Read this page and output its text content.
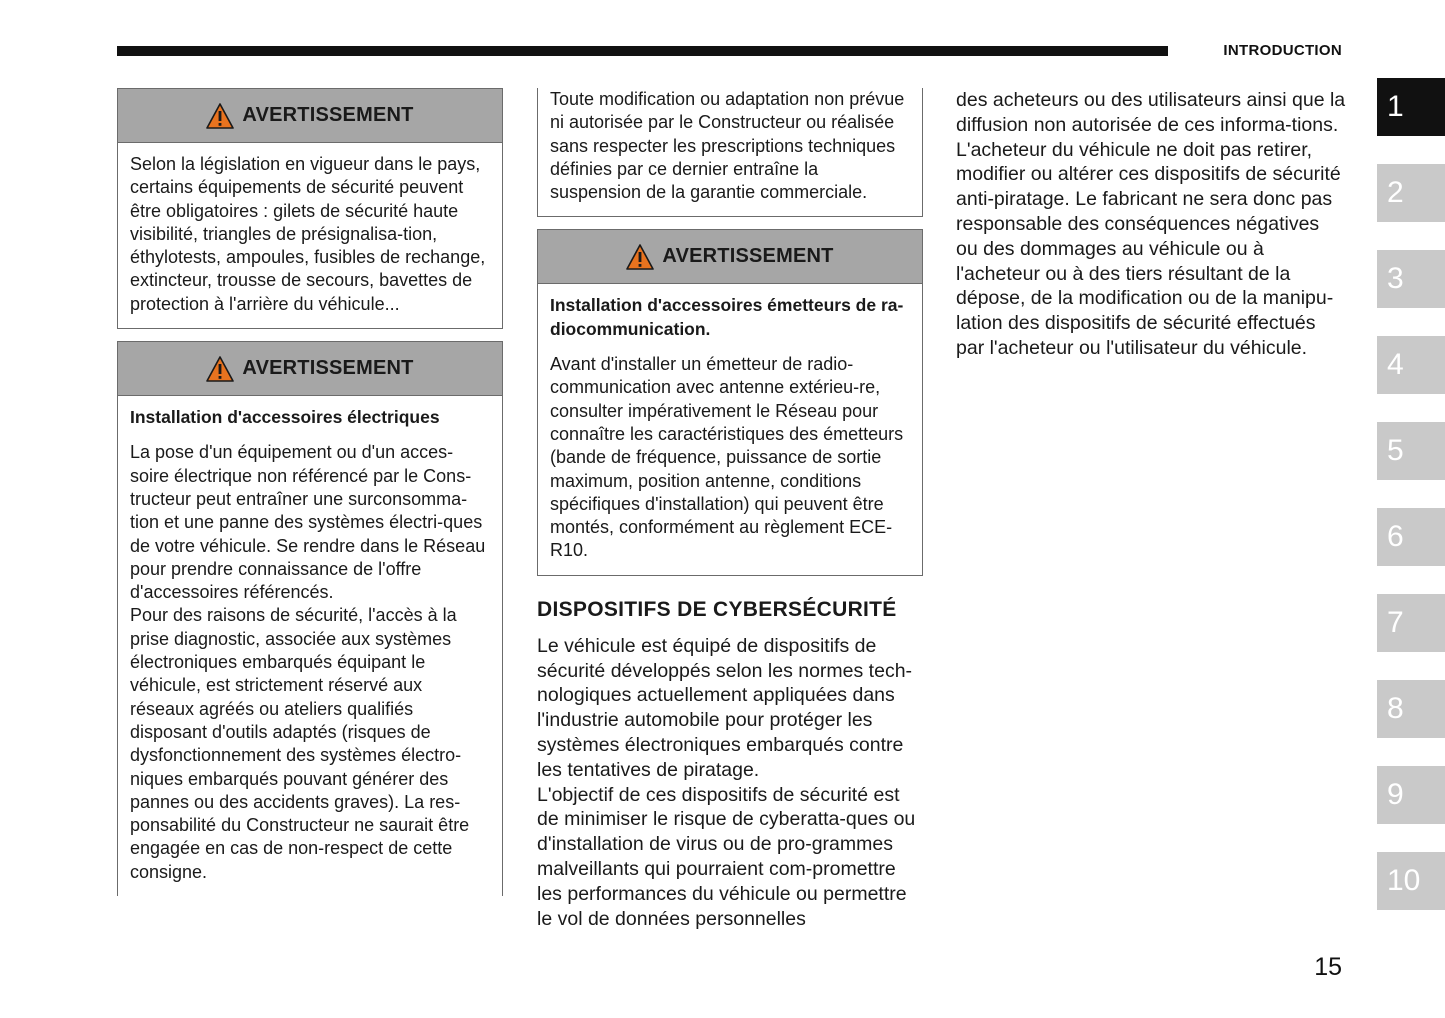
INTRODUCTION
1
2
3
4
5
6
7
8
9
10
AVERTISSEMENT

Selon la législation en vigueur dans le pays, certains équipements de sécurité peuvent être obligatoires : gilets de sécurité haute visibilité, triangles de présignalisa-tion, éthylotests, ampoules, fusibles de rechange, extincteur, trousse de secours, bavettes de protection à l'arrière du véhicule...

AVERTISSEMENT

Installation d'accessoires électriques

La pose d'un équipement ou d'un acces-soire électrique non référencé par le Cons-tructeur peut entraîner une surconsomma-tion et une panne des systèmes électri-ques de votre véhicule. Se rendre dans le Réseau pour prendre connaissance de l'offre d'accessoires référencés.

Pour des raisons de sécurité, l'accès à la prise diagnostic, associée aux systèmes électroniques embarqués équipant le véhicule, est strictement réservé aux réseaux agréés ou ateliers qualifiés disposant d'outils adaptés (risques de dysfonctionnement des systèmes électro-niques embarqués pouvant générer des pannes ou des accidents graves). La res-ponsabilité du Constructeur ne saurait être engagée en cas de non-respect de cette consigne.

Toute modification ou adaptation non prévue ni autorisée par le Constructeur ou réalisée sans respecter les prescriptions techniques définies par ce dernier entraîne la suspension de la garantie commerciale.

AVERTISSEMENT

Installation d'accessoires émetteurs de ra-diocommunication.

Avant d'installer un émetteur de radio-communication avec antenne extérieu-re, consulter impérativement le Réseau pour connaître les caractéristiques des émetteurs (bande de fréquence, puissance de sortie maximum, position antenne, conditions spécifiques d'installation) qui peuvent être montés, conformément au règlement ECE-R10.

DISPOSITIFS DE CYBERSÉCURITÉ

Le véhicule est équipé de dispositifs de sécurité développés selon les normes tech-nologiques actuellement appliquées dans l'industrie automobile pour protéger les systèmes électroniques embarqués contre les tentatives de piratage.

L'objectif de ces dispositifs de sécurité est de minimiser le risque de cyberatta-ques ou d'installation de virus ou de pro-grammes malveillants qui pourraient com-promettre les performances du véhicule ou permettre le vol de données personnelles

des acheteurs ou des utilisateurs ainsi que la diffusion non autorisée de ces informa-tions.

L'acheteur du véhicule ne doit pas retirer, modifier ou altérer ces dispositifs de sécurité anti-piratage. Le fabricant ne sera donc pas responsable des conséquences négatives ou des dommages au véhicule ou à l'acheteur ou à des tiers résultant de la dépose, de la modification ou de la manipu-lation des dispositifs de sécurité effectués par l'acheteur ou l'utilisateur du véhicule.

15
